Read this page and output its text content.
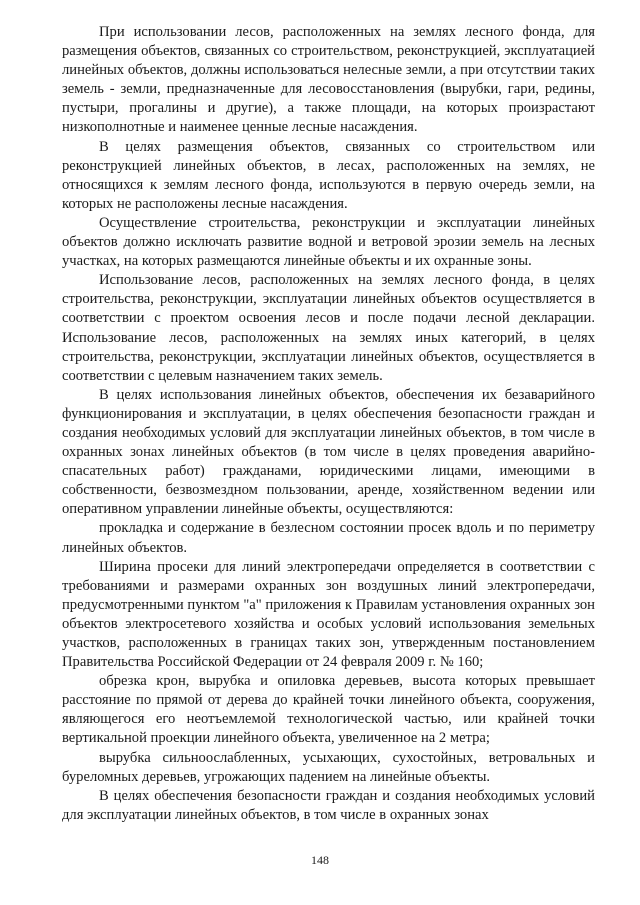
При использовании лесов, расположенных на землях лесного фонда, для размещения объектов, связанных со строительством, реконструкцией, эксплуатацией линейных объектов, должны использоваться нелесные земли, а при отсутствии таких земель - земли, предназначенные для лесовосстановления (вырубки, гари, редины, пустыри, прогалины и другие), а также площади, на которых произрастают низкополнотные и наименее ценные лесные насаждения.

В целях размещения объектов, связанных со строительством или реконструкцией линейных объектов, в лесах, расположенных на землях, не относящихся к землям лесного фонда, используются в первую очередь земли, на которых не расположены лесные насаждения.

Осуществление строительства, реконструкции и эксплуатации линейных объектов должно исключать развитие водной и ветровой эрозии земель на лесных участках, на которых размещаются линейные объекты и их охранные зоны.

Использование лесов, расположенных на землях лесного фонда, в целях строительства, реконструкции, эксплуатации линейных объектов осуществляется в соответствии с проектом освоения лесов и после подачи лесной декларации. Использование лесов, расположенных на землях иных категорий, в целях строительства, реконструкции, эксплуатации линейных объектов, осуществляется в соответствии с целевым назначением таких земель.

В целях использования линейных объектов, обеспечения их безаварийного функционирования и эксплуатации, в целях обеспечения безопасности граждан и создания необходимых условий для эксплуатации линейных объектов, в том числе в охранных зонах линейных объектов (в том числе в целях проведения аварийно-спасательных работ) гражданами, юридическими лицами, имеющими в собственности, безвозмездном пользовании, аренде, хозяйственном ведении или оперативном управлении линейные объекты, осуществляются:

прокладка и содержание в безлесном состоянии просек вдоль и по периметру линейных объектов.

Ширина просеки для линий электропередачи определяется в соответствии с требованиями и размерами охранных зон воздушных линий электропередачи, предусмотренными пунктом "а" приложения к Правилам установления охранных зон объектов электросетевого хозяйства и особых условий использования земельных участков, расположенных в границах таких зон, утвержденным постановлением Правительства Российской Федерации от 24 февраля 2009 г. № 160;

обрезка крон, вырубка и опиловка деревьев, высота которых превышает расстояние по прямой от дерева до крайней точки линейного объекта, сооружения, являющегося его неотъемлемой технологической частью, или крайней точки вертикальной проекции линейного объекта, увеличенное на 2 метра;

вырубка сильноослабленных, усыхающих, сухостойных, ветровальных и буреломных деревьев, угрожающих падением на линейные объекты.

В целях обеспечения безопасности граждан и создания необходимых условий для эксплуатации линейных объектов, в том числе в охранных зонах

148
